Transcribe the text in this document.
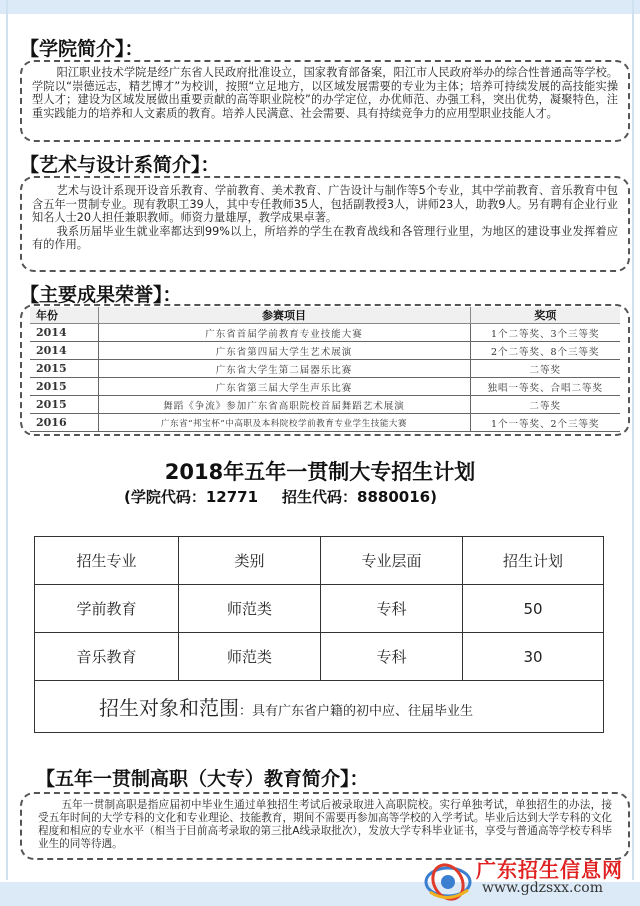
【学院简介】：

阳江职业技术学院是经广东省人民政府批准设立，国家教育部备案，阳江市人民政府举办的综合性普通高等学校。学院以“崇德远志，精艺博才”为校训，按照“立足地方，以区域发展需要的专业为主体；培养可持续发展的高技能实操型人才；建设为区域发展做出重要贡献的高等职业院校”的办学定位，办优师范、办强工科，突出优势，凝聚特色，注重实践能力的培养和人文素质的教育。培养人民满意、社会需要、具有持续竞争力的应用型职业技能人才。

【艺术与设计系简介】：

艺术与设计系现开设音乐教育、学前教育、美术教育、广告设计与制作等5个专业，其中学前教育、音乐教育中包含五年一贯制专业。现有教职工39人，其中专任教师35人，包括副教授3人，讲师23人，助教9人。另有聘有企业行业知名人士20人担任兼职教师。师资力量雄厚，教学成果卓著。

我系历届毕业生就业率都达到99%以上，所培养的学生在教育战线和各管理行业里，为地区的建设事业发挥着应有的作用。

【主要成果荣誉】：
年份	参赛项目	奖项
2014	广东省首届学前教育专业技能大赛	1个二等奖、3个三等奖
2014	广东省第四届大学生艺术展演	2个二等奖、8个三等奖
2015	广东省大学生第二届器乐比赛	二等奖
2015	广东省第三届大学生声乐比赛	独唱一等奖、合唱二等奖
2015	舞蹈《争流》参加广东省高职院校首届舞蹈艺术展演	二等奖
2016	广东省“邦宝杯”中高职及本科院校学前教育专业学生技能大赛	1个一等奖、2个三等奖
2018年五年一贯制大专招生计划
(学院代码：12771 招生代码：8880016)
招生专业	类别	专业层面	招生计划
学前教育	师范类	专科	50
音乐教育	师范类	专科	30
招生对象和范围：具有广东省户籍的初中应、往届毕业生			
【五年一贯制高职（大专）教育简介】：

五年一贯制高职是指应届初中毕业生通过单独招生考试后被录取进入高职院校。实行单独考试，单独招生的办法，接受五年时间的大学专科的文化和专业理论、技能教育，期间不需要再参加高等学校的入学考试。毕业后达到大学专科的文化程度和相应的专业水平（相当于目前高考录取的第三批A线录取批次），发放大学专科毕业证书，享受与普通高等学校专科毕业生的同等待遇。

广东招生信息网
www.gdzsxx.com
